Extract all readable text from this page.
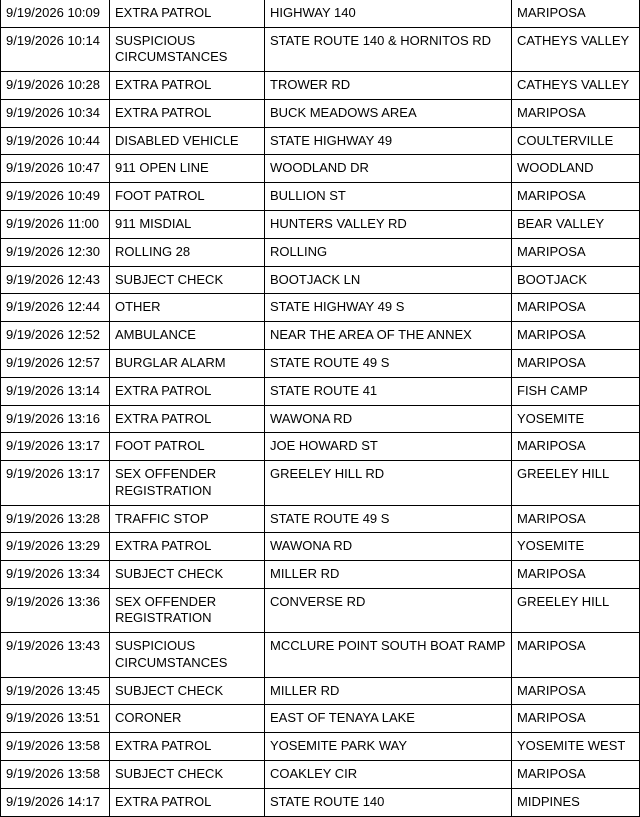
9/19/2026 10:09	EXTRA PATROL	HIGHWAY 140	MARIPOSA
9/19/2026 10:14	SUSPICIOUS CIRCUMSTANCES	STATE ROUTE 140 & HORNITOS RD	CATHEYS VALLEY
9/19/2026 10:28	EXTRA PATROL	TROWER RD	CATHEYS VALLEY
9/19/2026 10:34	EXTRA PATROL	BUCK MEADOWS AREA	MARIPOSA
9/19/2026 10:44	DISABLED VEHICLE	STATE HIGHWAY 49	COULTERVILLE
9/19/2026 10:47	911 OPEN LINE	WOODLAND DR	WOODLAND
9/19/2026 10:49	FOOT PATROL	BULLION ST	MARIPOSA
9/19/2026 11:00	911 MISDIAL	HUNTERS VALLEY RD	BEAR VALLEY
9/19/2026 12:30	ROLLING 28	ROLLING	MARIPOSA
9/19/2026 12:43	SUBJECT CHECK	BOOTJACK LN	BOOTJACK
9/19/2026 12:44	OTHER	STATE HIGHWAY 49 S	MARIPOSA
9/19/2026 12:52	AMBULANCE	NEAR THE AREA OF THE ANNEX	MARIPOSA
9/19/2026 12:57	BURGLAR ALARM	STATE ROUTE 49 S	MARIPOSA
9/19/2026 13:14	EXTRA PATROL	STATE ROUTE 41	FISH CAMP
9/19/2026 13:16	EXTRA PATROL	WAWONA RD	YOSEMITE
9/19/2026 13:17	FOOT PATROL	JOE HOWARD ST	MARIPOSA
9/19/2026 13:17	SEX OFFENDER REGISTRATION	GREELEY HILL RD	GREELEY HILL
9/19/2026 13:28	TRAFFIC STOP	STATE ROUTE 49 S	MARIPOSA
9/19/2026 13:29	EXTRA PATROL	WAWONA RD	YOSEMITE
9/19/2026 13:34	SUBJECT CHECK	MILLER RD	MARIPOSA
9/19/2026 13:36	SEX OFFENDER REGISTRATION	CONVERSE RD	GREELEY HILL
9/19/2026 13:43	SUSPICIOUS CIRCUMSTANCES	MCCLURE POINT SOUTH BOAT RAMP	MARIPOSA
9/19/2026 13:45	SUBJECT CHECK	MILLER RD	MARIPOSA
9/19/2026 13:51	CORONER	EAST OF TENAYA LAKE	MARIPOSA
9/19/2026 13:58	EXTRA PATROL	YOSEMITE PARK WAY	YOSEMITE WEST
9/19/2026 13:58	SUBJECT CHECK	COAKLEY CIR	MARIPOSA
9/19/2026 14:17	EXTRA PATROL	STATE ROUTE 140	MIDPINES
